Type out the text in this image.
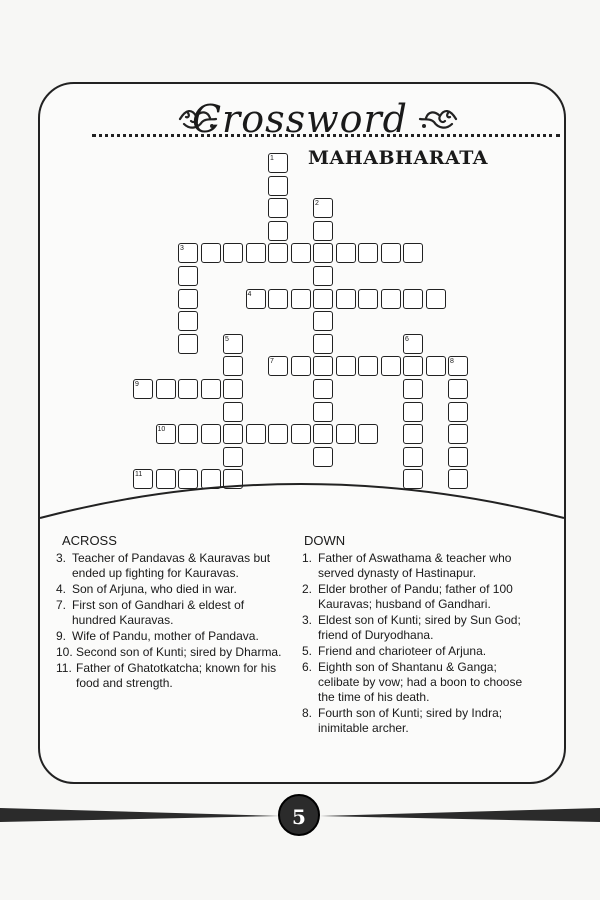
Crossword
MAHABHARATA
1
2
3
4
5	6
7	8
9
10
11
ACROSS
3. Teacher of Pandavas & Kauravas but ended up fighting for Kauravas.
4. Son of Arjuna, who died in war.
7. First son of Gandhari & eldest of hundred Kauravas.
9. Wife of Pandu, mother of Pandava.
10. Second son of Kunti; sired by Dharma.
11. Father of Ghatotkatcha; known for his food and strength.
DOWN
1. Father of Aswathama & teacher who served dynasty of Hastinapur.
2. Elder brother of Pandu; father of 100 Kauravas; husband of Gandhari.
3. Eldest son of Kunti; sired by Sun God; friend of Duryodhana.
5. Friend and charioteer of Arjuna.
6. Eighth son of Shantanu & Ganga; celibate by vow; had a boon to choose the time of his death.
8. Fourth son of Kunti; sired by Indra; inimitable archer.
5
